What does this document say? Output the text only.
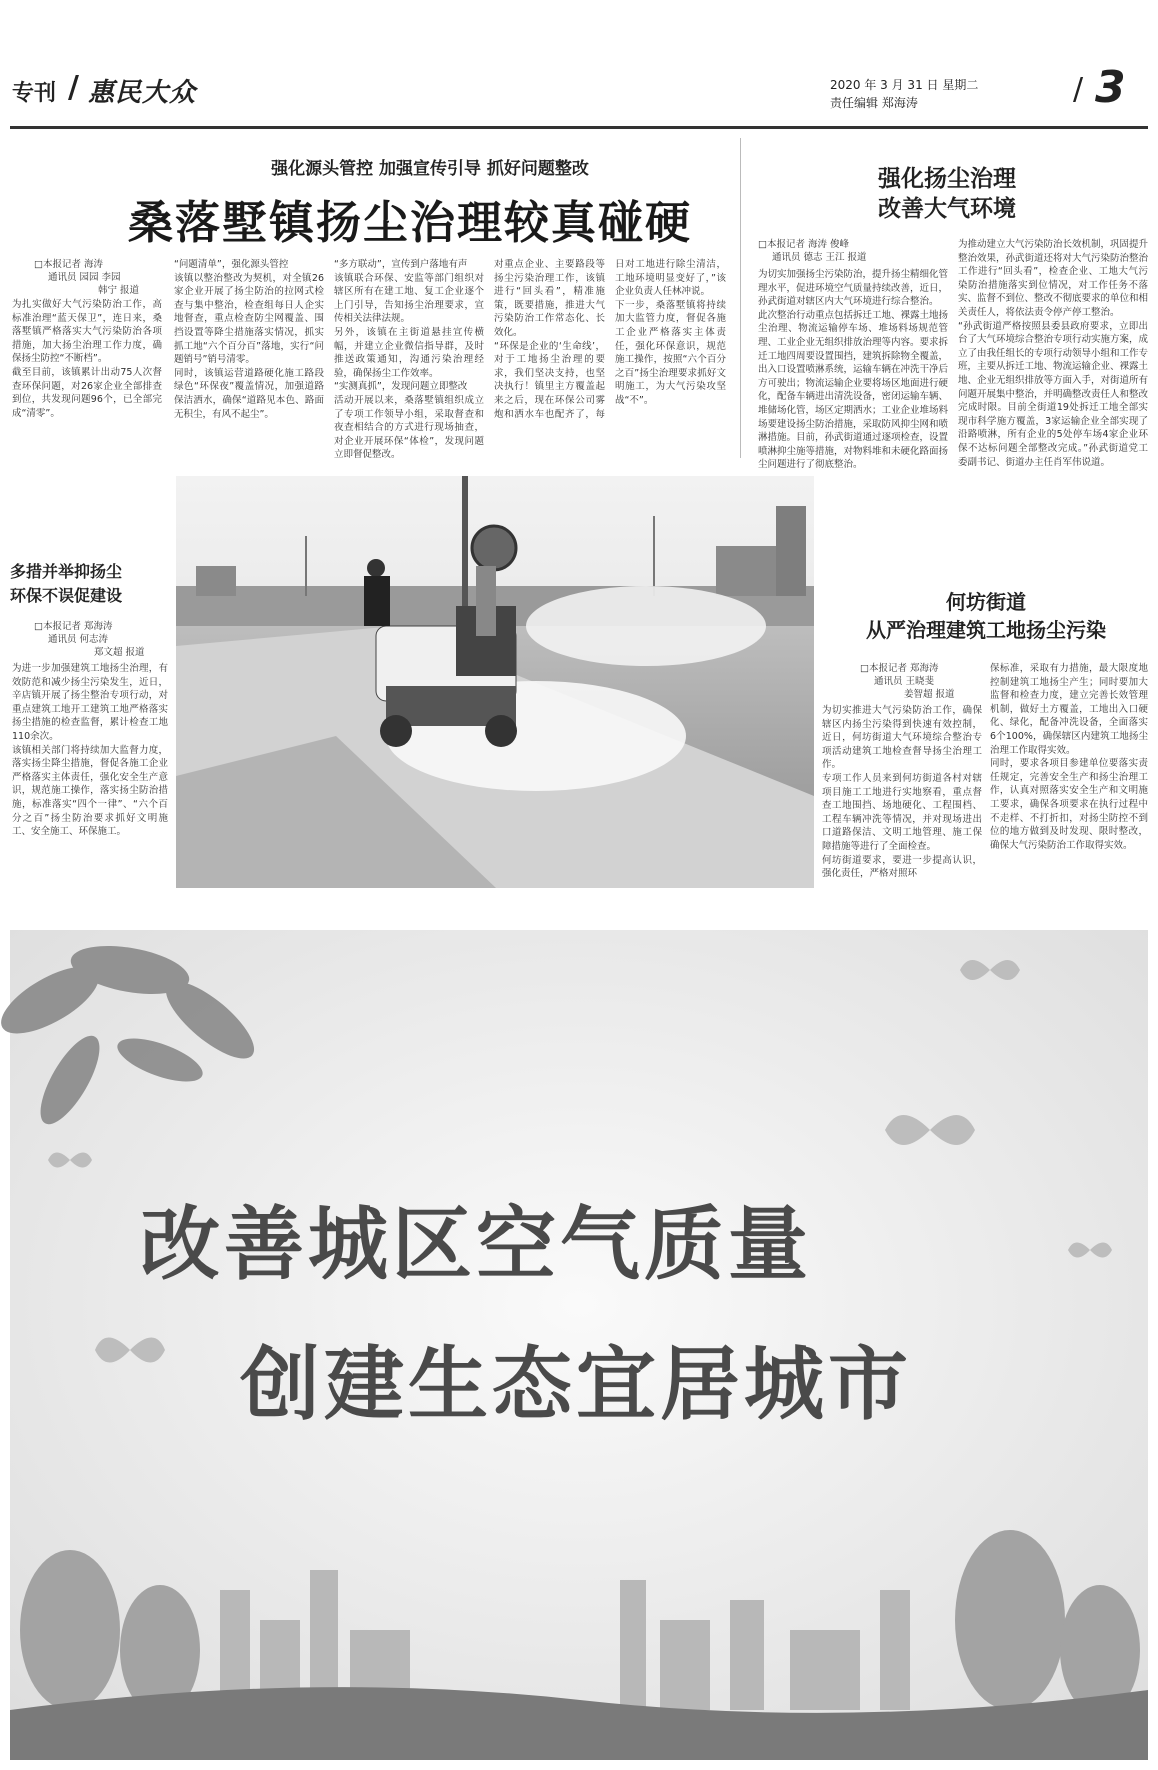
专刊 / 惠民大众	2020 年 3 月 31 日 星期二
责任编辑 郑海涛	/ 3
强化源头管控 加强宣传引导 抓好问题整改
桑落墅镇扬尘治理较真碰硬
□本报记者 海涛
通讯员 园园 李园
韩宁 报道
为扎实做好大气污染防治工作，高标准治理“蓝天保卫”，连日来，桑落墅镇严格落实大气污染防治各项措施，加大扬尘治理工作力度，确保扬尘防控“不断档”。
截至目前，该镇累计出动75人次督查环保问题，对26家企业全部排查到位，共发现问题96个，已全部完成“清零”。
“问题清单”，强化源头管控
该镇以整治整改为契机，对全镇26家企业开展了扬尘防治的拉网式检查与集中整治，检查组每日人企实地督查，重点检查防尘网覆盖、围挡设置等降尘措施落实情况，抓实抓工地“六个百分百”落地，实行“问题销号”销号清零。
同时，该镇运营道路硬化施工路段绿色“环保夜”覆盖情况，加强道路保洁洒水，确保“道路见本色、路面无积尘，有风不起尘”。
“多方联动”，宣传到户落地有声
该镇联合环保、安监等部门组织对辖区所有在建工地、复工企业逐个上门引导，告知扬尘治理要求，宣传相关法律法规。
另外，该镇在主街道悬挂宣传横幅，并建立企业微信指导群，及时推送政策通知，沟通污染治理经验，确保扬尘工作效率。
“实测真抓”，发现问题立即整改
活动开展以来，桑落墅镇组织成立了专项工作领导小组，采取督查和夜查相结合的方式进行现场抽查，对企业开展环保“体检”，发现问题立即督促整改。
对重点企业、主要路段等扬尘污染治理工作，该镇进行“回头看”，精准施策，既要措施，推进大气污染防治工作常态化、长效化。
“环保是企业的‘生命线’，对于工地扬尘治理的要求，我们坚决支持，也坚决执行！镇里主方覆盖起来之后，现在环保公司雾炮和洒水车也配齐了，每日对工地进行除尘清洁，工地环境明显变好了，”该企业负责人任林冲说。
下一步，桑落墅镇将持续加大监管力度，督促各施工企业严格落实主体责任，强化环保意识，规范施工操作，按照“六个百分之百”扬尘治理要求抓好文明施工，为大气污染攻坚战“不”。
强化扬尘治理
改善大气环境
□本报记者 海涛 俊峰
通讯员 德志 王江 报道
为切实加强扬尘污染防治，提升扬尘精细化管理水平，促进环境空气质量持续改善，近日，孙武街道对辖区内大气环境进行综合整治。
此次整治行动重点包括拆迁工地、裸露土地扬尘治理、物流运输停车场、堆场料场规范管理、工业企业无组织排放治理等内容。要求拆迁工地四周要设置围挡，建筑拆除物全覆盖，出入口设置喷淋系统，运输车辆在冲洗干净后方可驶出；物流运输企业要将场区地面进行硬化，配备车辆进出清洗设备，密闭运输车辆、堆储场化管，场区定期洒水；工业企业堆场料场要建设扬尘防治措施，采取防风抑尘网和喷淋措施。目前，孙武街道通过逐项检查，设置喷淋抑尘施等措施，对物料堆和未硬化路面扬尘问题进行了彻底整治。
为推动建立大气污染防治长效机制，巩固提升整治效果，孙武街道还将对大气污染防治整治工作进行“回头看”，检查企业、工地大气污染防治措施落实到位情况，对工作任务不落实、监督不到位、整改不彻底要求的单位和相关责任人，将依法责令停产停工整治。
“孙武街道严格按照县委县政府要求，立即出台了大气环境综合整治专项行动实施方案，成立了由我任组长的专项行动领导小组和工作专班，主要从拆迁工地、物流运输企业、裸露土地、企业无组织排放等方面入手，对街道所有问题开展集中整治，并明确整改责任人和整改完成时限。目前全街道19处拆迁工地全部实现市科学施方覆盖，3家运输企业全部实现了沿路喷淋，所有企业的5处停车场4家企业环保不达标问题全部整改完成。”孙武街道党工委副书记、街道办主任肖军伟说道。
多措并举抑扬尘
环保不误促建设
□本报记者 郑海涛
通讯员 何志涛
郑文超 报道
为进一步加强建筑工地扬尘治理，有效防范和减少扬尘污染发生，近日，辛店镇开展了扬尘整治专项行动，对重点建筑工地开工建筑工地严格落实扬尘措施的检查监督，累计检查工地110余次。
该镇相关部门将持续加大监督力度，落实扬尘降尘措施，督促各施工企业严格落实主体责任，强化安全生产意识，规范施工操作，落实扬尘防治措施，标准落实“四个一律”、“六个百分之百”扬尘防治要求抓好文明施工、安全施工、环保施工。
何坊街道
从严治理建筑工地扬尘污染
□本报记者 郑海涛
通讯员 王晓斐
姜智超 报道
为切实推进大气污染防治工作，确保辖区内扬尘污染得到快速有效控制，近日，何坊街道大气环境综合整治专项活动建筑工地检查督导扬尘治理工作。
专项工作人员来到何坊街道各村对辖项目施工工地进行实地察看，重点督查工地围挡、场地硬化、工程围档、工程车辆冲洗等情况，并对现场进出口道路保洁、文明工地管理、施工保障措施等进行了全面检查。
何坊街道要求，要进一步提高认识，强化责任，严格对照环
保标准，采取有力措施，最大限度地控制建筑工地扬尘产生；同时要加大监督和检查力度，建立完善长效管理机制，做好土方覆盖，工地出入口硬化、绿化，配备冲洗设备，全面落实6个100%，确保辖区内建筑工地扬尘治理工作取得实效。
同时，要求各项目参建单位要落实责任规定，完善安全生产和扬尘治理工作，认真对照落实安全生产和文明施工要求，确保各项要求在执行过程中不走样、不打折扣，对扬尘防控不到位的地方做到及时发现、限时整改，确保大气污染防治工作取得实效。
改善城区空气质量
创建生态宜居城市
